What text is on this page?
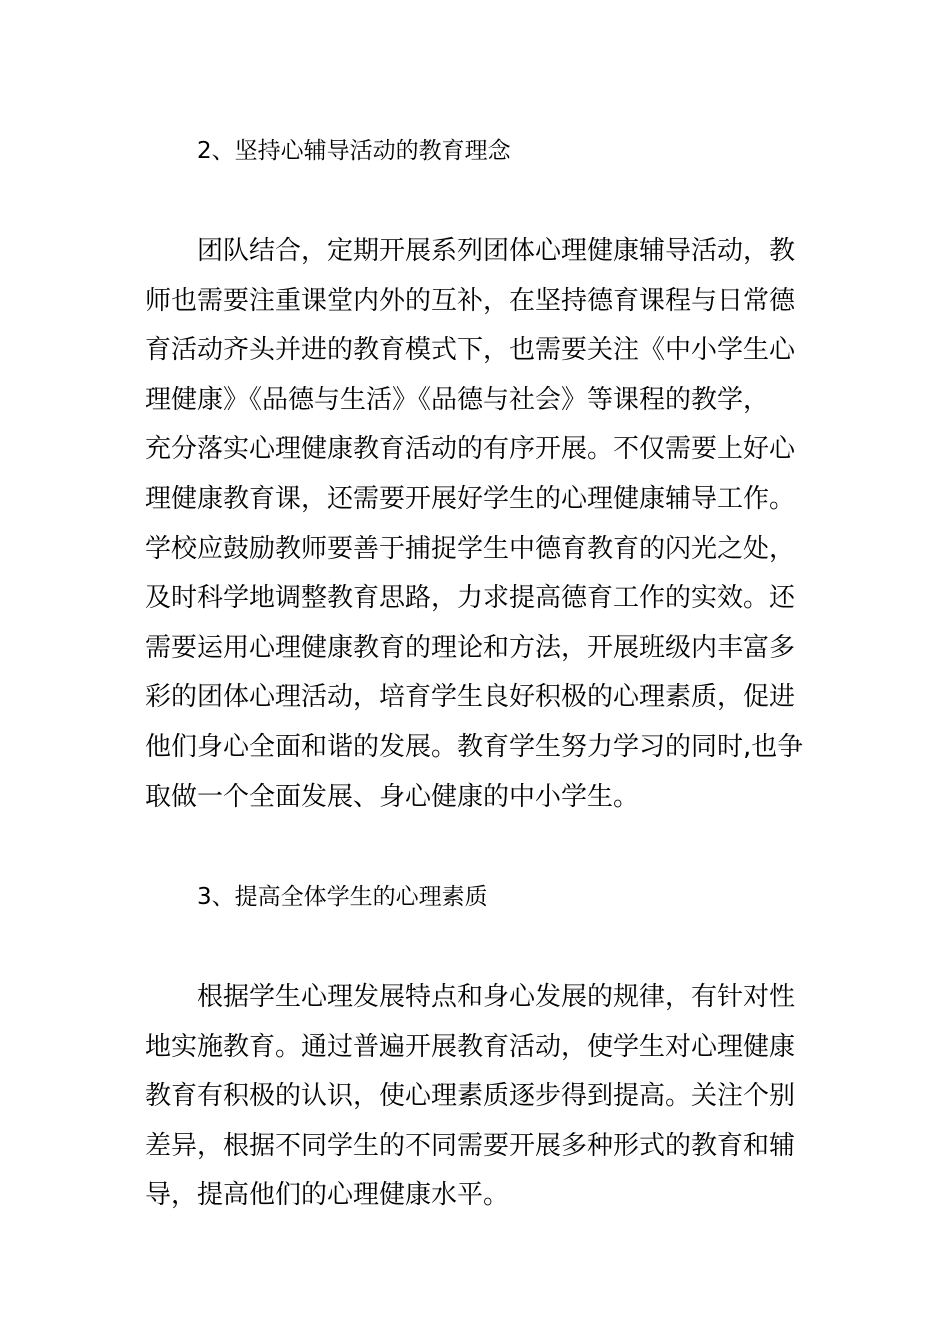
2、坚持心辅导活动的教育理念
团队结合，定期开展系列团体心理健康辅导活动，教
师也需要注重课堂内外的互补，在坚持德育课程与日常德
育活动齐头并进的教育模式下，也需要关注《中小学生心
理健康》《品德与生活》《品德与社会》等课程的教学，
充分落实心理健康教育活动的有序开展。不仅需要上好心
理健康教育课，还需要开展好学生的心理健康辅导工作。
学校应鼓励教师要善于捕捉学生中德育教育的闪光之处，
及时科学地调整教育思路，力求提高德育工作的实效。还
需要运用心理健康教育的理论和方法，开展班级内丰富多
彩的团体心理活动，培育学生良好积极的心理素质，促进
他们身心全面和谐的发展。教育学生努力学习的同时,也争
取做一个全面发展、身心健康的中小学生。
3、提高全体学生的心理素质
根据学生心理发展特点和身心发展的规律，有针对性
地实施教育。通过普遍开展教育活动，使学生对心理健康
教育有积极的认识，使心理素质逐步得到提高。关注个别
差异，根据不同学生的不同需要开展多种形式的教育和辅
导，提高他们的心理健康水平。
